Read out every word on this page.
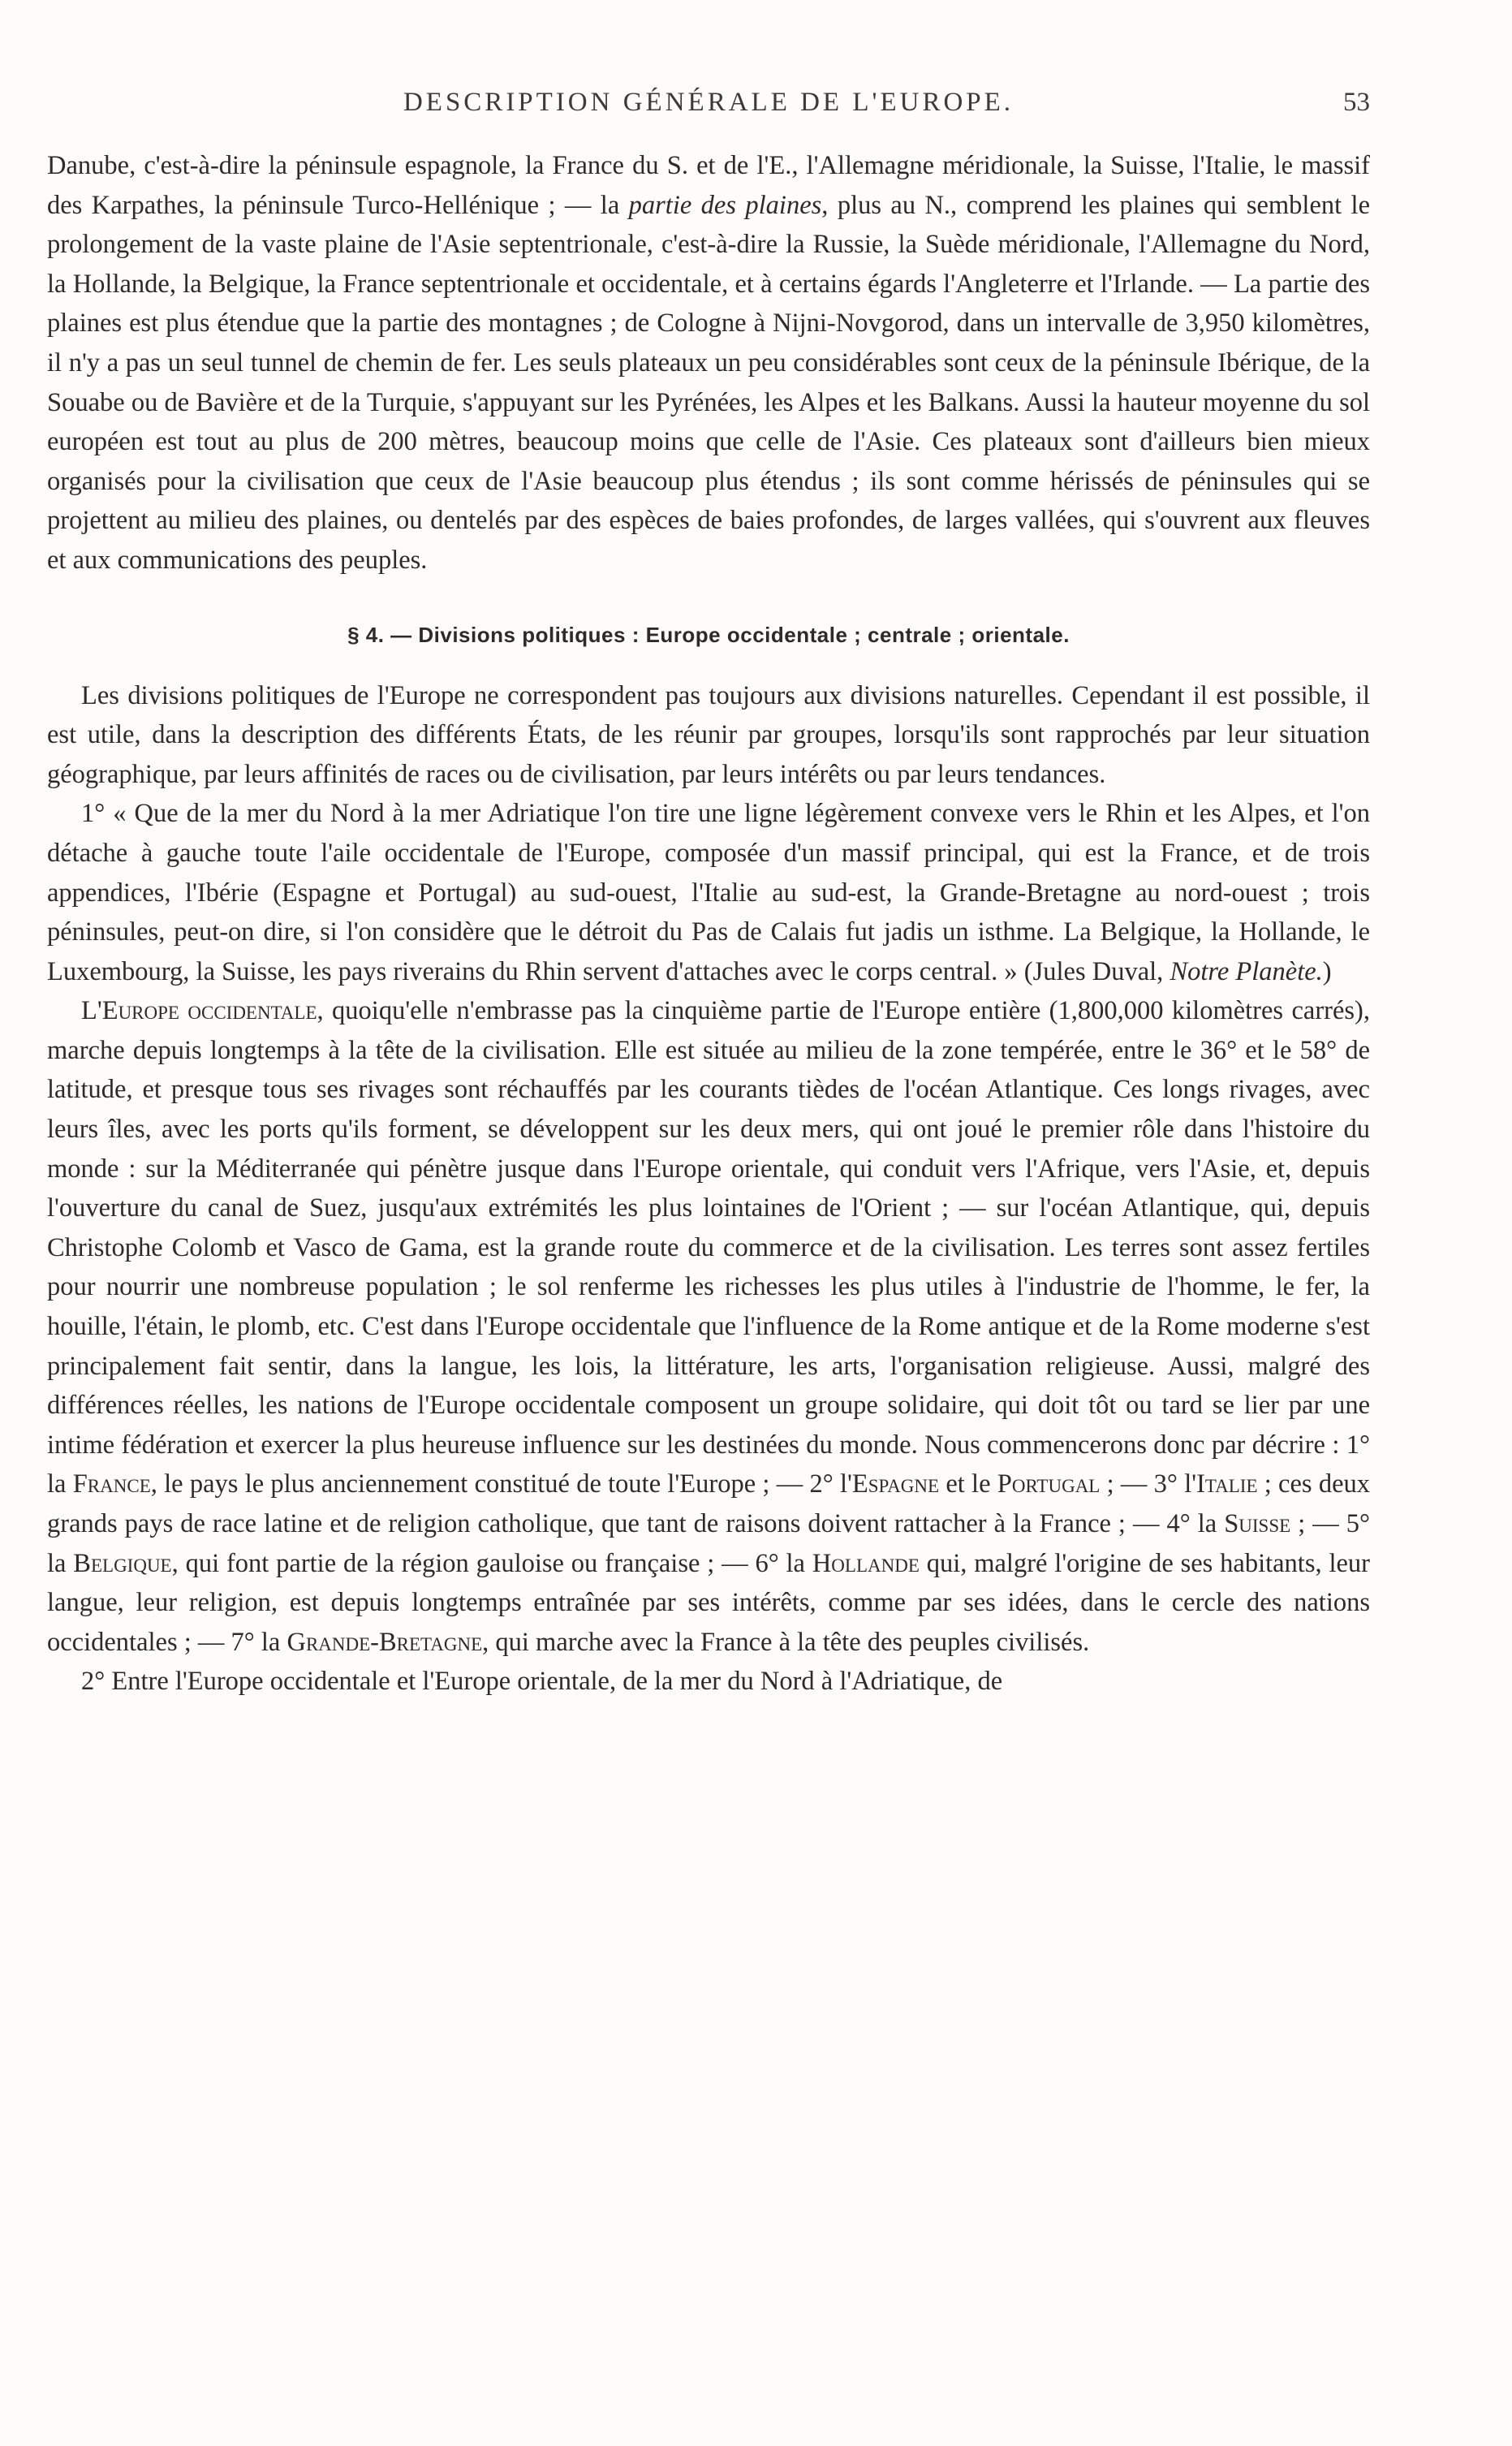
DESCRIPTION GÉNÉRALE DE L'EUROPE.	53

Danube, c'est-à-dire la péninsule espagnole, la France du S. et de l'E., l'Allemagne méridionale, la Suisse, l'Italie, le massif des Karpathes, la péninsule Turco-Hellénique ; — la partie des plaines, plus au N., comprend les plaines qui semblent le prolongement de la vaste plaine de l'Asie septentrionale, c'est-à-dire la Russie, la Suède méridionale, l'Allemagne du Nord, la Hollande, la Belgique, la France septentrionale et occidentale, et à certains égards l'Angleterre et l'Irlande. — La partie des plaines est plus étendue que la partie des montagnes ; de Cologne à Nijni-Novgorod, dans un intervalle de 3,950 kilomètres, il n'y a pas un seul tunnel de chemin de fer. Les seuls plateaux un peu considérables sont ceux de la péninsule Ibérique, de la Souabe ou de Bavière et de la Turquie, s'appuyant sur les Pyrénées, les Alpes et les Balkans. Aussi la hauteur moyenne du sol européen est tout au plus de 200 mètres, beaucoup moins que celle de l'Asie. Ces plateaux sont d'ailleurs bien mieux organisés pour la civilisation que ceux de l'Asie beaucoup plus étendus ; ils sont comme hérissés de péninsules qui se projettent au milieu des plaines, ou dentelés par des espèces de baies profondes, de larges vallées, qui s'ouvrent aux fleuves et aux communications des peuples.

§ 4. — Divisions politiques : Europe occidentale ; centrale ; orientale.

Les divisions politiques de l'Europe ne correspondent pas toujours aux divisions naturelles. Cependant il est possible, il est utile, dans la description des différents États, de les réunir par groupes, lorsqu'ils sont rapprochés par leur situation géographique, par leurs affinités de races ou de civilisation, par leurs intérêts ou par leurs tendances.

1° « Que de la mer du Nord à la mer Adriatique l'on tire une ligne légèrement convexe vers le Rhin et les Alpes, et l'on détache à gauche toute l'aile occidentale de l'Europe, composée d'un massif principal, qui est la France, et de trois appendices, l'Ibérie (Espagne et Portugal) au sud-ouest, l'Italie au sud-est, la Grande-Bretagne au nord-ouest ; trois péninsules, peut-on dire, si l'on considère que le détroit du Pas de Calais fut jadis un isthme. La Belgique, la Hollande, le Luxembourg, la Suisse, les pays riverains du Rhin servent d'attaches avec le corps central. » (Jules Duval, Notre Planète.)

L'Europe occidentale, quoiqu'elle n'embrasse pas la cinquième partie de l'Europe entière (1,800,000 kilomètres carrés), marche depuis longtemps à la tête de la civilisation. Elle est située au milieu de la zone tempérée, entre le 36° et le 58° de latitude, et presque tous ses rivages sont réchauffés par les courants tièdes de l'océan Atlantique. Ces longs rivages, avec leurs îles, avec les ports qu'ils forment, se développent sur les deux mers, qui ont joué le premier rôle dans l'histoire du monde : sur la Méditerranée qui pénètre jusque dans l'Europe orientale, qui conduit vers l'Afrique, vers l'Asie, et, depuis l'ouverture du canal de Suez, jusqu'aux extrémités les plus lointaines de l'Orient ; — sur l'océan Atlantique, qui, depuis Christophe Colomb et Vasco de Gama, est la grande route du commerce et de la civilisation. Les terres sont assez fertiles pour nourrir une nombreuse population ; le sol renferme les richesses les plus utiles à l'industrie de l'homme, le fer, la houille, l'étain, le plomb, etc. C'est dans l'Europe occidentale que l'influence de la Rome antique et de la Rome moderne s'est principalement fait sentir, dans la langue, les lois, la littérature, les arts, l'organisation religieuse. Aussi, malgré des différences réelles, les nations de l'Europe occidentale composent un groupe solidaire, qui doit tôt ou tard se lier par une intime fédération et exercer la plus heureuse influence sur les destinées du monde. Nous commencerons donc par décrire : 1° la France, le pays le plus anciennement constitué de toute l'Europe ; — 2° l'Espagne et le Portugal ; — 3° l'Italie ; ces deux grands pays de race latine et de religion catholique, que tant de raisons doivent rattacher à la France ; — 4° la Suisse ; — 5° la Belgique, qui font partie de la région gauloise ou française ; — 6° la Hollande qui, malgré l'origine de ses habitants, leur langue, leur religion, est depuis longtemps entraînée par ses intérêts, comme par ses idées, dans le cercle des nations occidentales ; — 7° la Grande-Bretagne, qui marche avec la France à la tête des peuples civilisés.

2° Entre l'Europe occidentale et l'Europe orientale, de la mer du Nord à l'Adriatique, de
